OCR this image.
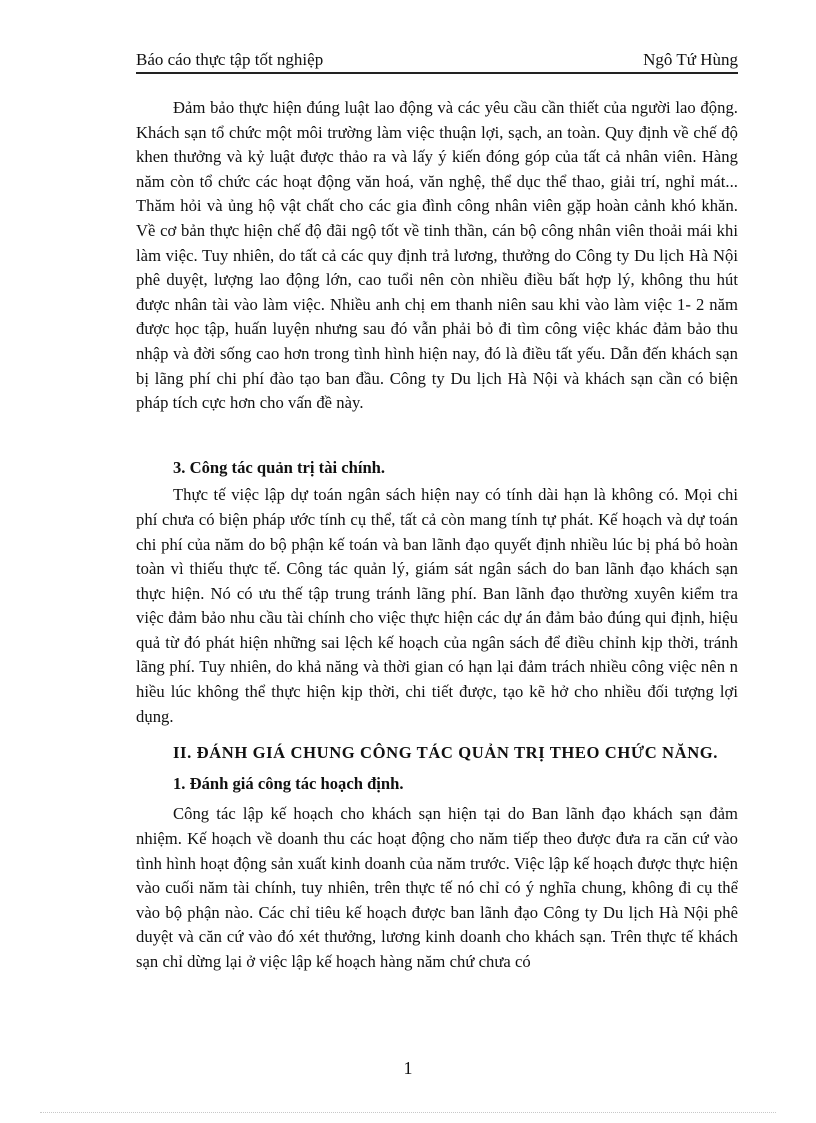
Báo cáo thực tập tốt nghiệp	Ngô Tứ Hùng

Đảm bảo thực hiện đúng luật lao động và các yêu cầu cần thiết của người lao động. Khách sạn tổ chức một môi trường làm việc thuận lợi, sạch, an toàn. Quy định về chế độ khen thưởng và kỷ luật được thảo ra và lấy ý kiến đóng góp của tất cả nhân viên. Hàng năm còn tổ chức các hoạt động văn hoá, văn nghệ, thể dục thể thao, giải trí, nghỉ mát... Thăm hỏi và ủng hộ vật chất cho các gia đình công nhân viên gặp hoàn cảnh khó khăn. Về cơ bản thực hiện chế độ đãi ngộ tốt về tinh thần, cán bộ công nhân viên thoải mái khi làm việc. Tuy nhiên, do tất cả các quy định trả lương, thưởng do Công ty Du lịch Hà Nội phê duyệt, lượng lao động lớn, cao tuổi nên còn nhiều điều bất hợp lý, không thu hút được nhân tài vào làm việc. Nhiều anh chị em thanh niên sau khi vào làm việc 1- 2 năm được học tập, huấn luyện nhưng sau đó vẫn phải bỏ đi tìm công việc khác đảm bảo thu nhập và đời sống cao hơn trong tình hình hiện nay, đó là điều tất yếu. Dẫn đến khách sạn bị lãng phí chi phí đào tạo ban đầu. Công ty Du lịch Hà Nội và khách sạn cần có biện pháp tích cực hơn cho vấn đề này.

3. Công tác quản trị tài chính.

Thực tế việc lập dự toán ngân sách hiện nay có tính dài hạn là không có. Mọi chi phí chưa có biện pháp ước tính cụ thể, tất cả còn mang tính tự phát. Kế hoạch và dự toán chi phí của năm do bộ phận kế toán và ban lãnh đạo quyết định nhiều lúc bị phá bỏ hoàn toàn vì thiếu thực tế. Công tác quản lý, giám sát ngân sách do ban lãnh đạo khách sạn thực hiện. Nó có ưu thế tập trung tránh lãng phí. Ban lãnh đạo thường xuyên kiểm tra việc đảm bảo nhu cầu tài chính cho việc thực hiện các dự án đảm bảo đúng qui định, hiệu quả từ đó phát hiện những sai lệch kế hoạch của ngân sách để điều chỉnh kịp thời, tránh lãng phí. Tuy nhiên, do khả năng và thời gian có hạn lại đảm trách nhiều công việc nên n hiều lúc không thể thực hiện kịp thời, chi tiết được, tạo kẽ hở cho nhiều đối tượng lợi dụng.

II. ĐÁNH GIÁ CHUNG CÔNG TÁC QUẢN TRỊ THEO CHỨC NĂNG.

1. Đánh giá công tác hoạch định.

Công tác lập kế hoạch cho khách sạn hiện tại do Ban lãnh đạo khách sạn đảm nhiệm. Kế hoạch về doanh thu các hoạt động cho năm tiếp theo được đưa ra căn cứ vào tình hình hoạt động sản xuất kinh doanh của năm trước. Việc lập kế hoạch được thực hiện vào cuối năm tài chính, tuy nhiên, trên thực tế nó chỉ có ý nghĩa chung, không đi cụ thể vào bộ phận nào. Các chỉ tiêu kế hoạch được ban lãnh đạo Công ty Du lịch Hà Nội phê duyệt và căn cứ vào đó xét thưởng, lương kinh doanh cho khách sạn. Trên thực tế khách sạn chỉ dừng lại ở việc lập kế hoạch hàng năm chứ chưa có

1
